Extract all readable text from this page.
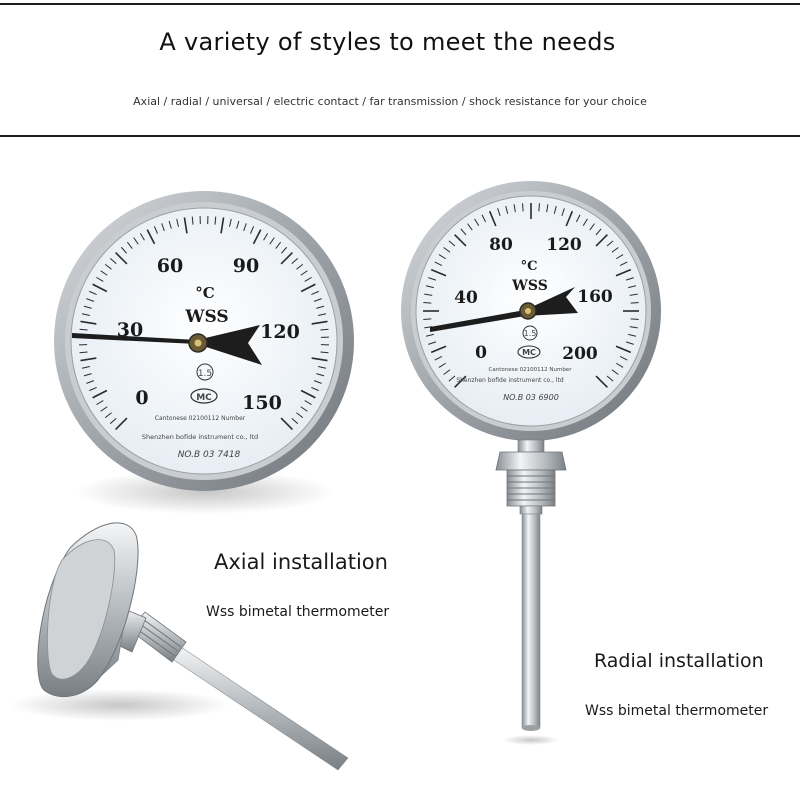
A variety of styles to meet the needs
Axial / radial / universal / electric contact / far transmission / shock resistance for your choice
0
30
60	90
120
150
°C
WSS
1.5
MC
Cantonese 02100112 Number
Shenzhen bofide instrument co., ltd
NO.B 03 7418
0
40
80 120
160
200
°C
WSS
1.5
MC
Cantonese 02100112 Number
Shenzhen bofide instrument co., ltd
NO.B 03 6900
Axial installation
Wss bimetal thermometer
Radial installation
Wss bimetal thermometer
